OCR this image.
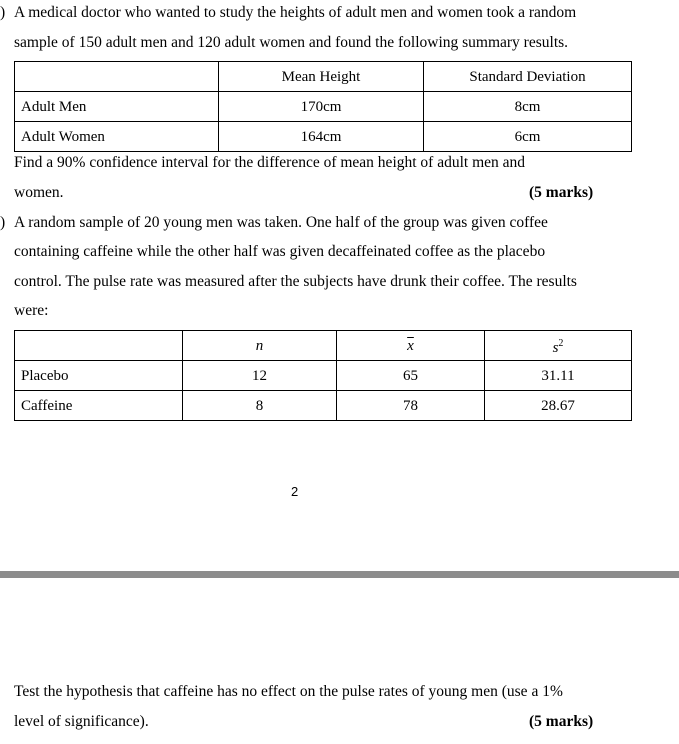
) A medical doctor who wanted to study the heights of adult men and women took a random
sample of 150 adult men and 120 adult women and found the following summary results.
	Mean Height	Standard Deviation
Adult Men	170cm	8cm
Adult Women	164cm	6cm
Find a 90% confidence interval for the difference of mean height of adult men and
women.	(5 marks)
) A random sample of 20 young men was taken. One half of the group was given coffee
containing caffeine while the other half was given decaffeinated coffee as the placebo
control. The pulse rate was measured after the subjects have drunk their coffee. The results
were:
	n	$\overline{x}$	$s^2$
Placebo	12	65	31.11
Caffeine	8	78	28.67
2
Test the hypothesis that caffeine has no effect on the pulse rates of young men (use a 1%
level of significance).	(5 marks)
